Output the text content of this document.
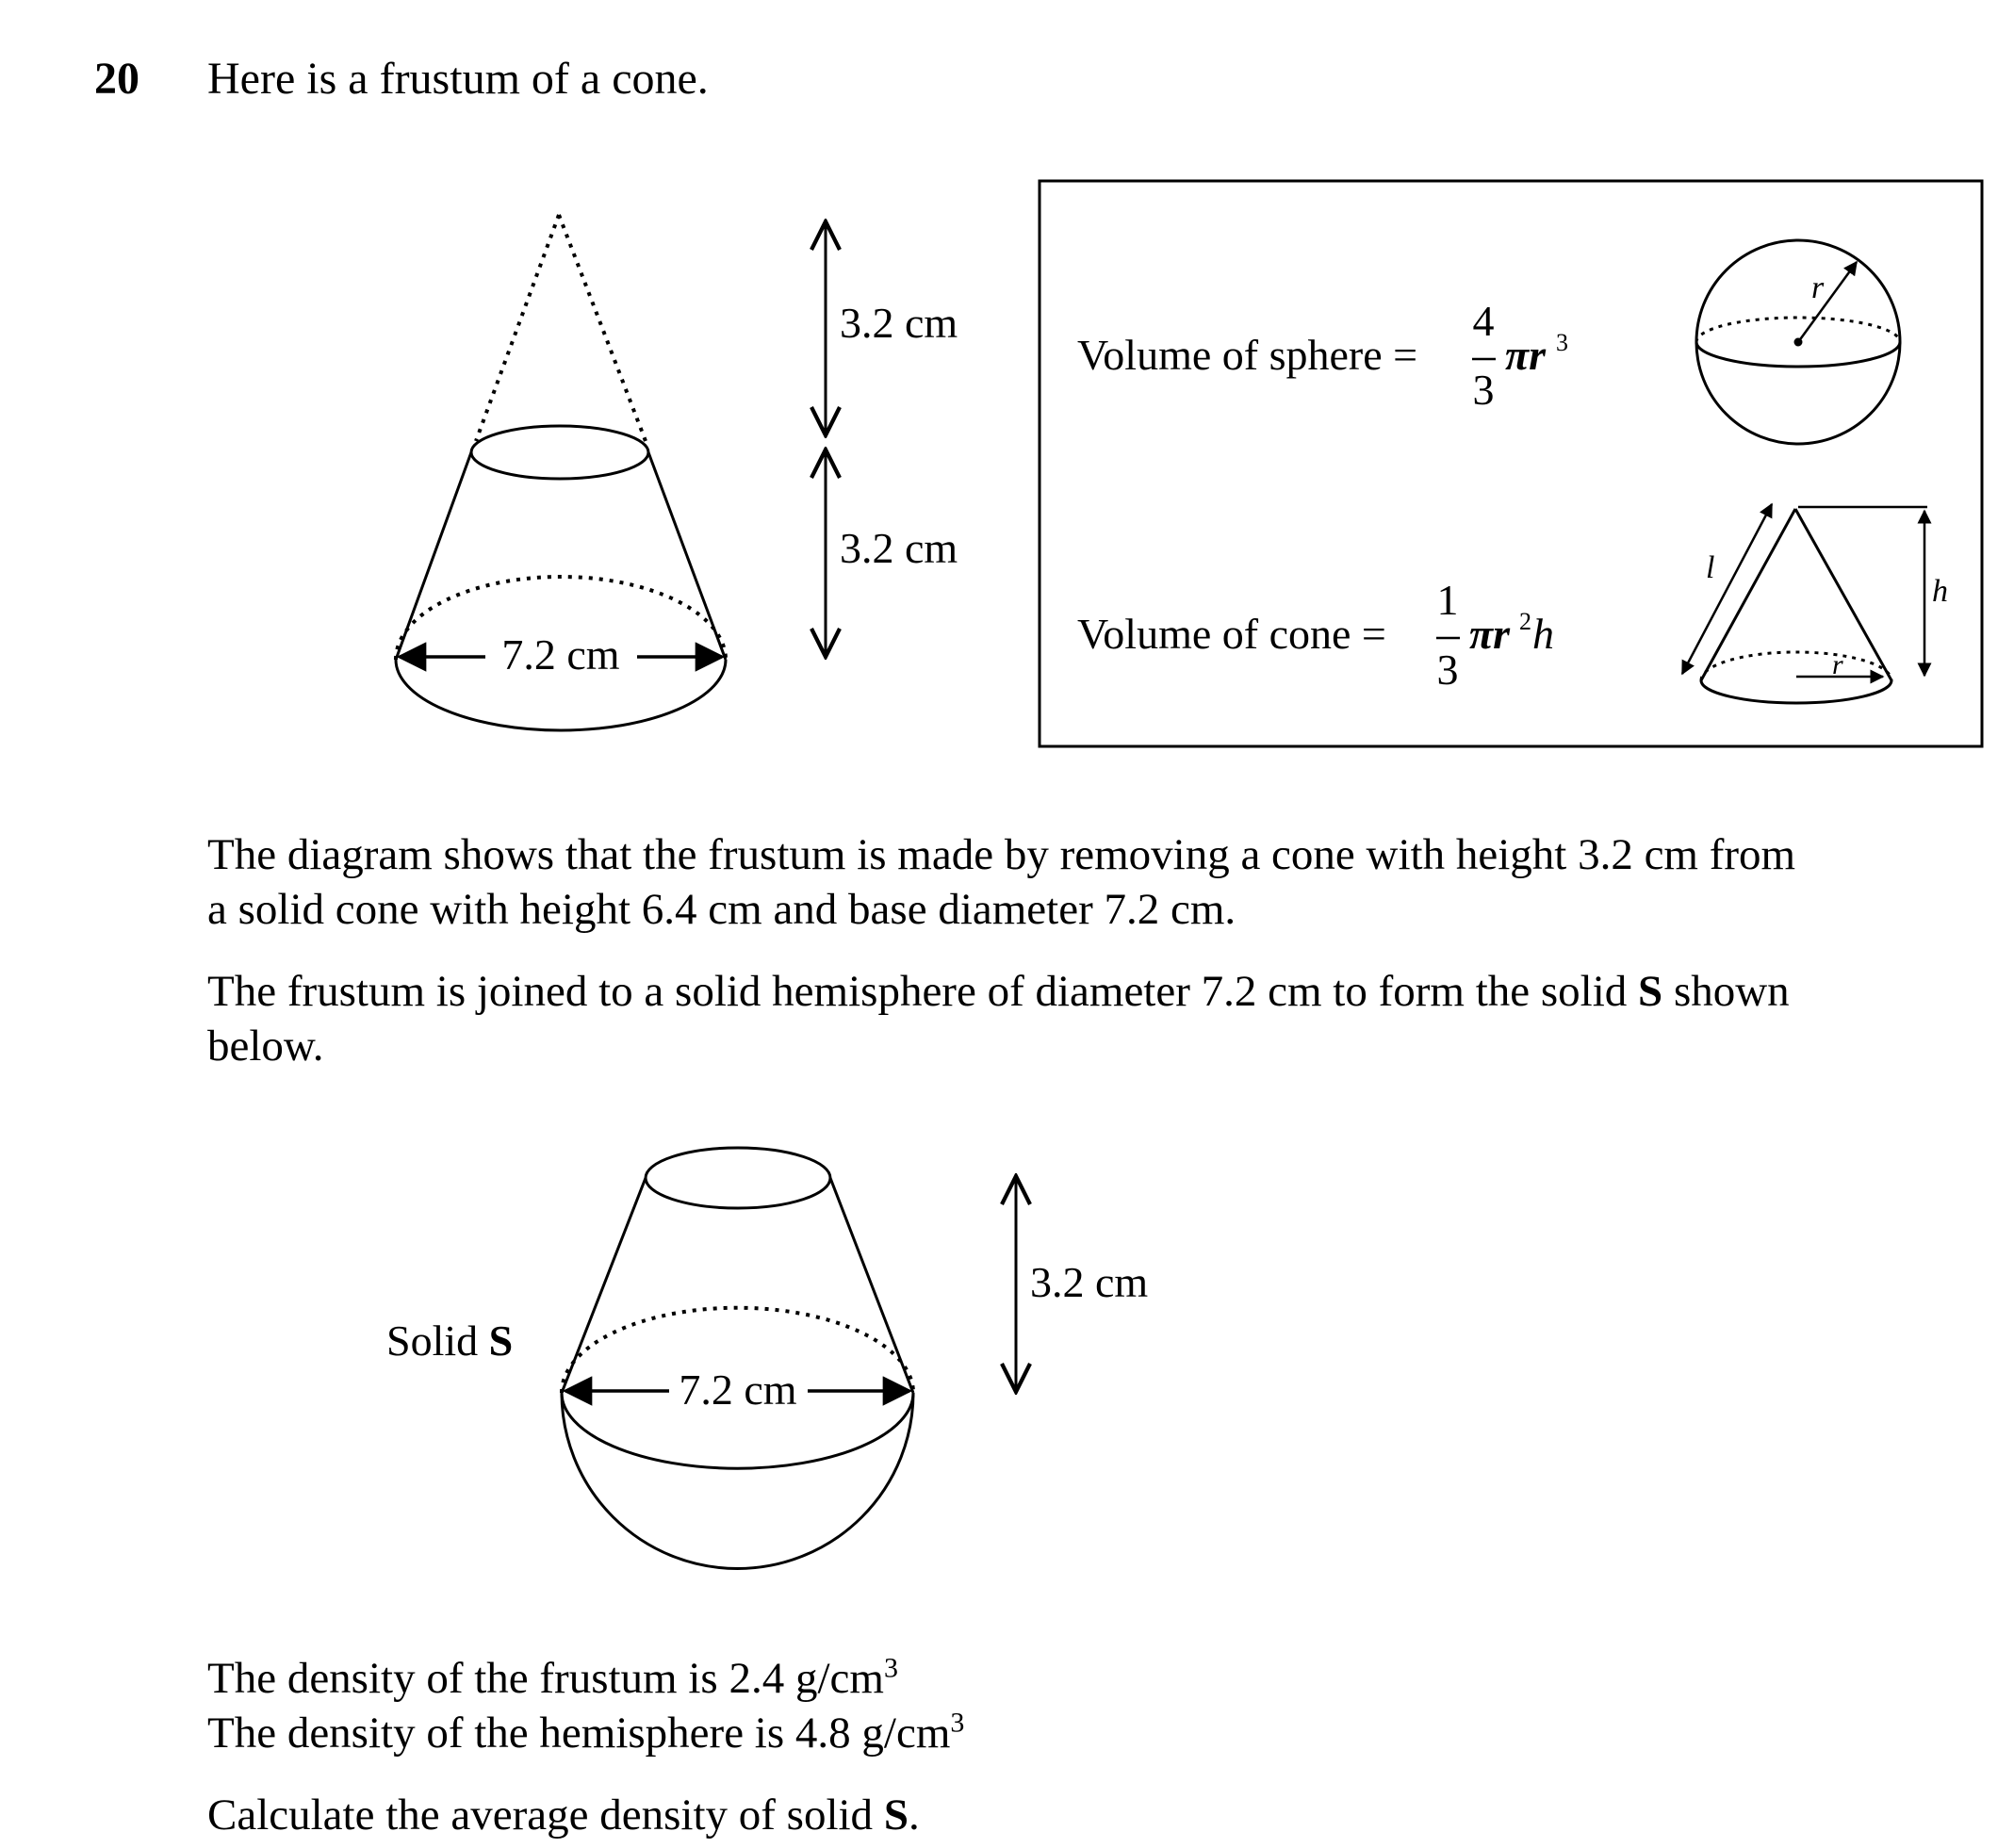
20 Here is a frustum of a cone.
3.2 cm
3.2 cm
7.2 cm
Volume of sphere =
4
3
πr 3
Volume of cone =
1
3
πr 2 h
r
l
h
r
Solid S
3.2 cm
7.2 cm
The diagram shows that the frustum is made by removing a cone with height 3.2 cm from
a solid cone with height 6.4 cm and base diameter 7.2 cm.
The frustum is joined to a solid hemisphere of diameter 7.2 cm to form the solid S shown
below.
The density of the frustum is 2.4 $g/cm^3$
The density of the hemisphere is 4.8 $g/cm^3$
Calculate the average density of solid S.
